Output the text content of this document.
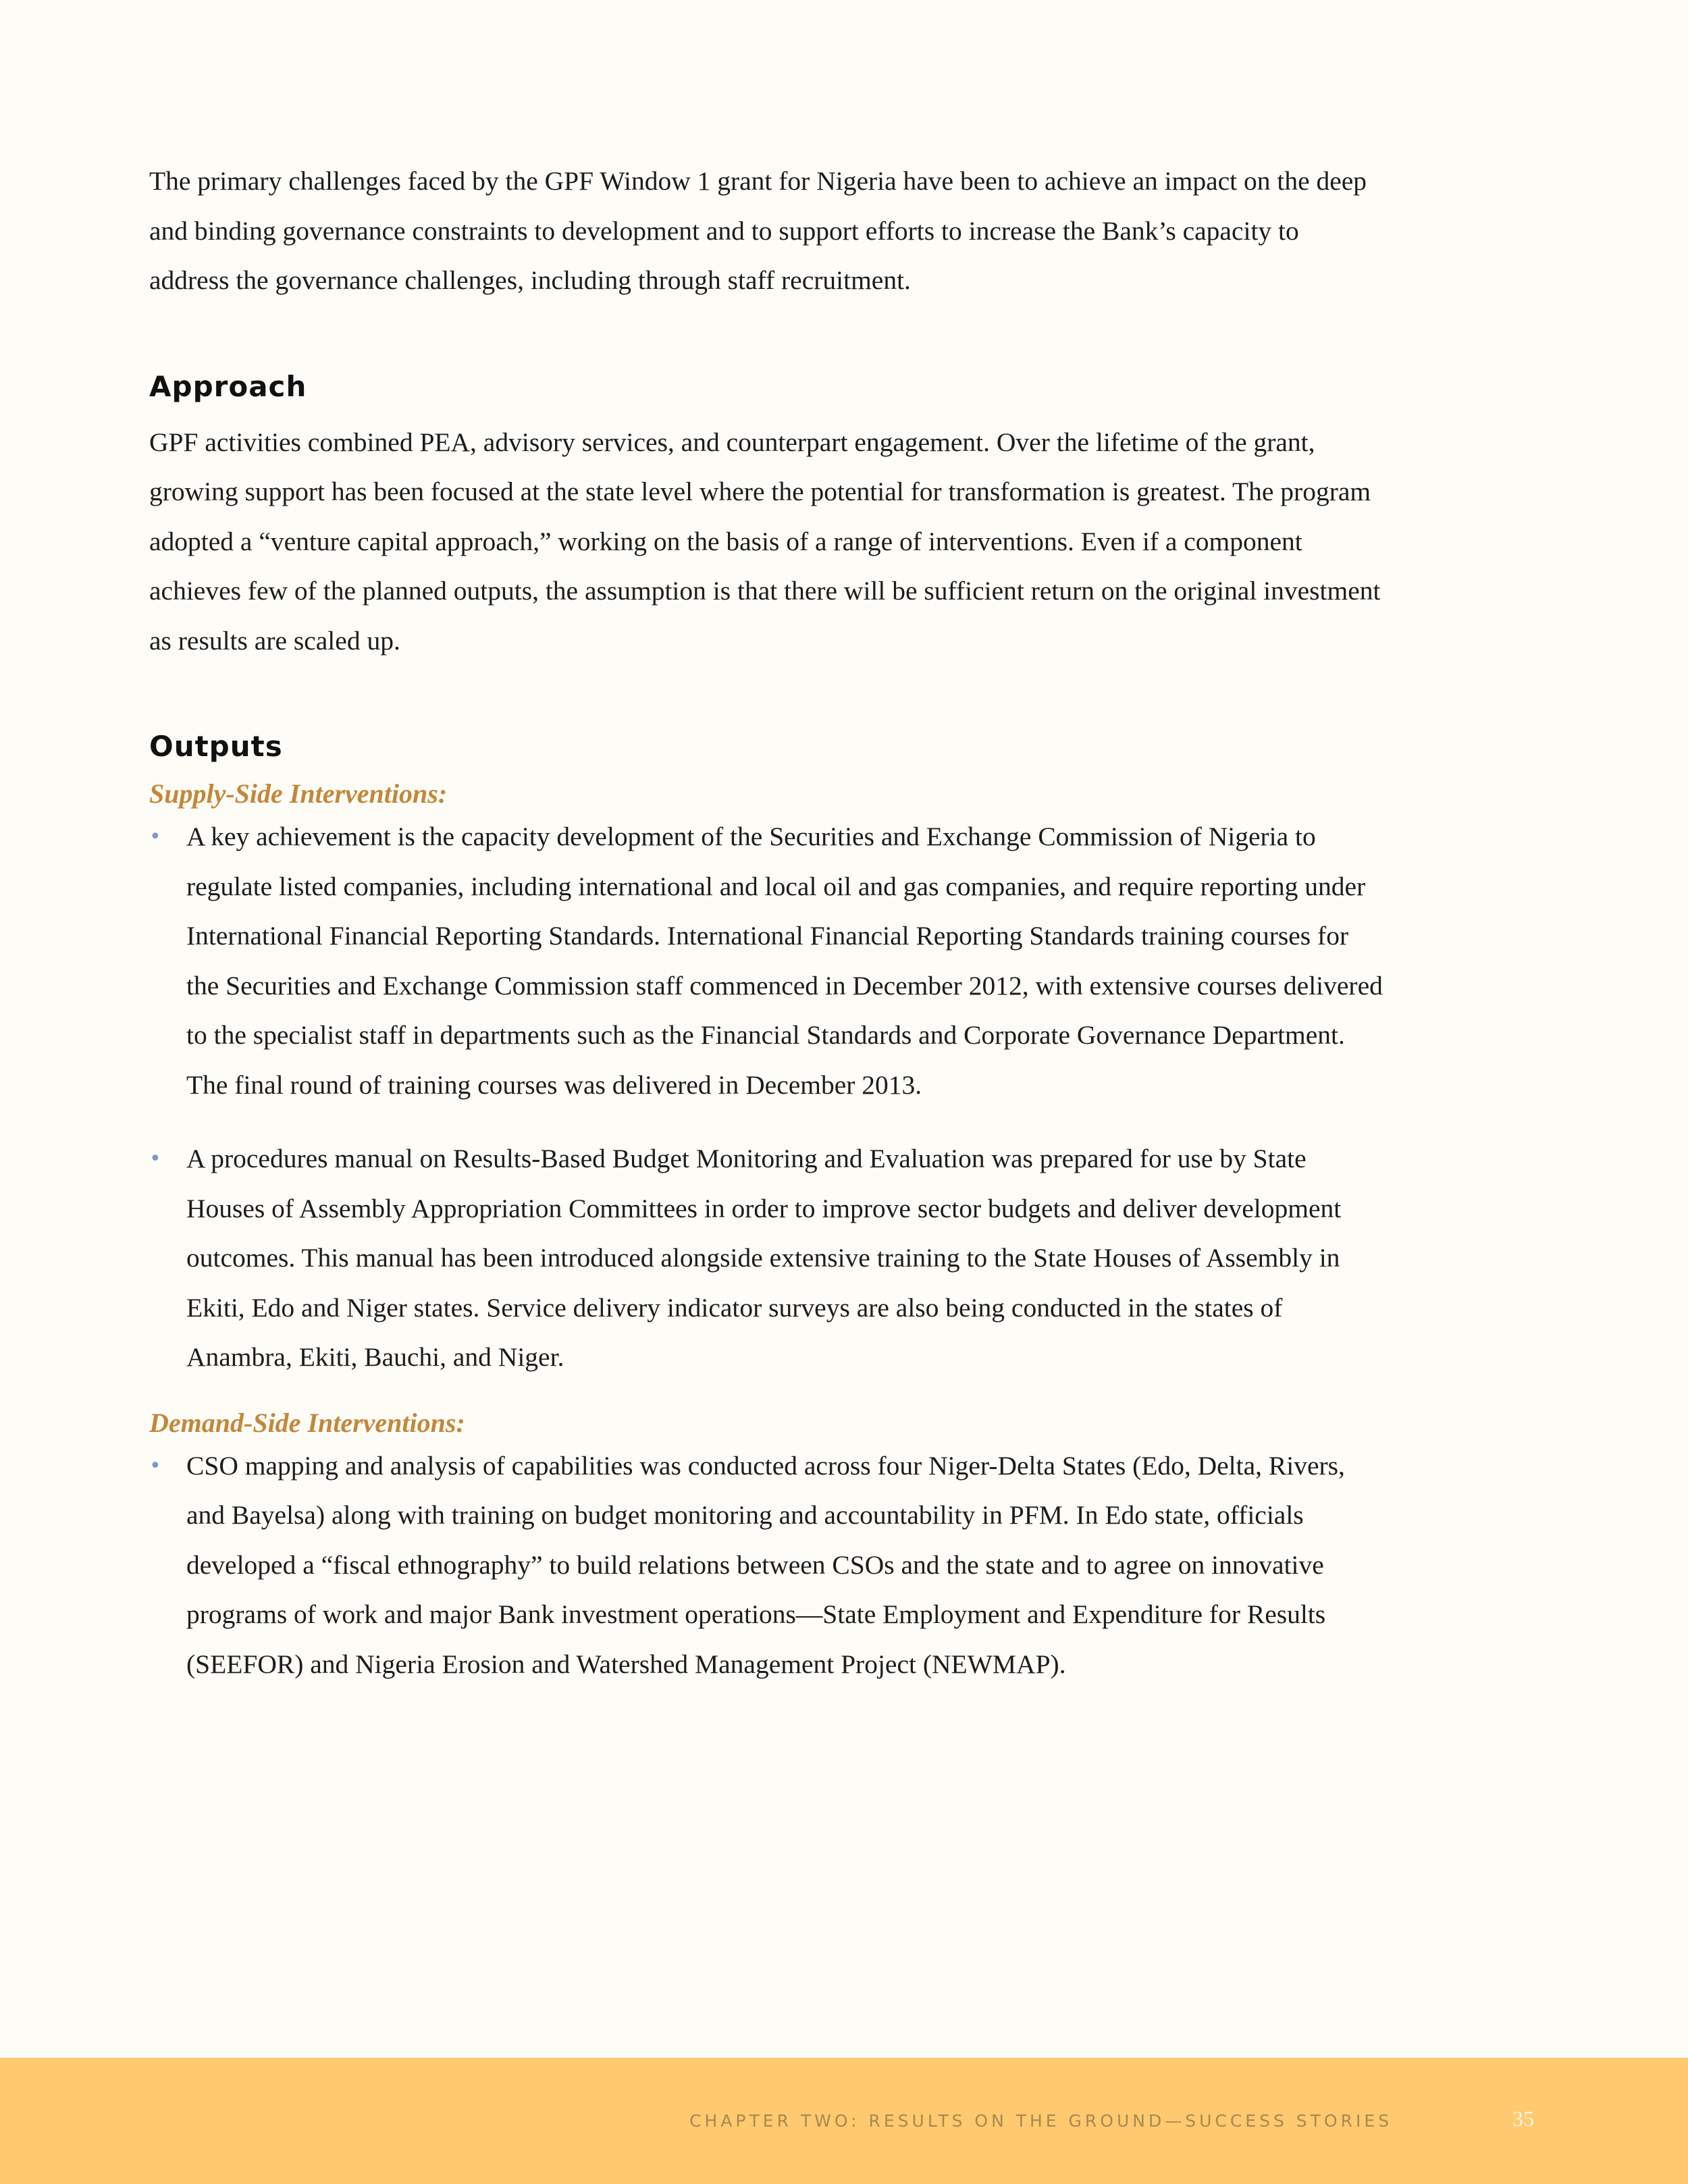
The primary challenges faced by the GPF Window 1 grant for Nigeria have been to achieve an impact on the deep and binding governance constraints to development and to support efforts to increase the Bank’s capacity to address the governance challenges, including through staff recruitment.

Approach

GPF activities combined PEA, advisory services, and counterpart engagement. Over the lifetime of the grant, growing support has been focused at the state level where the potential for transformation is greatest. The program adopted a “venture capital approach,” working on the basis of a range of interventions. Even if a component achieves few of the planned outputs, the assumption is that there will be sufficient return on the original investment as results are scaled up.

Outputs
Supply-Side Interventions:
• A key achievement is the capacity development of the Securities and Exchange Commission of Nigeria to regulate listed companies, including international and local oil and gas companies, and require reporting under International Financial Reporting Standards. International Financial Reporting Standards training courses for the Securities and Exchange Commission staff commenced in December 2012, with extensive courses delivered to the specialist staff in departments such as the Financial Standards and Corporate Governance Department. The final round of training courses was delivered in December 2013.
• A procedures manual on Results-Based Budget Monitoring and Evaluation was prepared for use by State Houses of Assembly Appropriation Committees in order to improve sector budgets and deliver development outcomes. This manual has been introduced alongside extensive training to the State Houses of Assembly in Ekiti, Edo and Niger states. Service delivery indicator surveys are also being conducted in the states of Anambra, Ekiti, Bauchi, and Niger.
Demand-Side Interventions:
• CSO mapping and analysis of capabilities was conducted across four Niger-Delta States (Edo, Delta, Rivers, and Bayelsa) along with training on budget monitoring and accountability in PFM. In Edo state, officials developed a “fiscal ethnography” to build relations between CSOs and the state and to agree on innovative programs of work and major Bank investment operations—State Employment and Expenditure for Results (SEEFOR) and Nigeria Erosion and Watershed Management Project (NEWMAP).
CHAPTER TWO: RESULTS ON THE GROUND—SUCCESS STORIES	35
